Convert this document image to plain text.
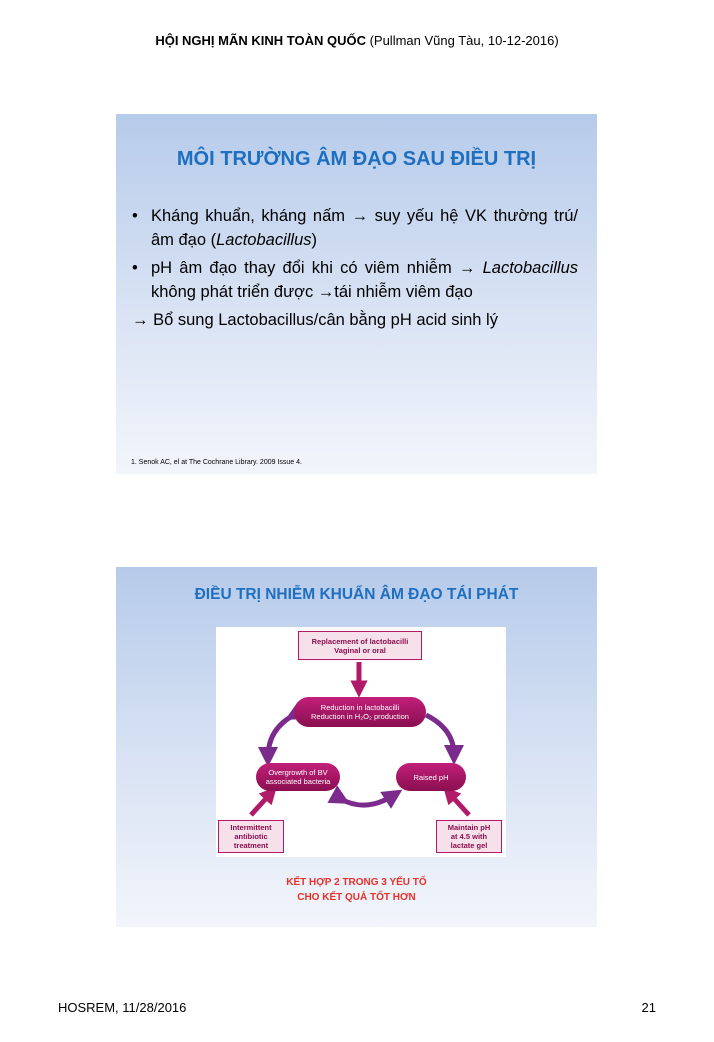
HỘI NGHỊ MÃN KINH TOÀN QUỐC (Pullman Vũng Tàu, 10-12-2016)
MÔI TRƯỜNG ÂM ĐẠO SAU ĐIỀU TRỊ
• Kháng khuẩn, kháng nấm → suy yếu hệ VK thường trú/âm đạo (Lactobacillus)
• pH âm đạo thay đổi khi có viêm nhiễm → Lactobacillus không phát triển được →tái nhiễm viêm đạo
→ Bổ sung Lactobacillus/cân bằng pH acid sinh lý
1. Senok AC, el at The Cochrane Library. 2009 Issue 4.
ĐIỀU TRỊ NHIỄM KHUẨN ÂM ĐẠO TÁI PHÁT
Replacement of lactobacilli
Vaginal or oral
Reduction in lactobacilli
Reduction in H₂O₂ production
Overgrowth of BV
associated bacteria	Raised pH
Intermittent
antibiotic
treatment
Maintain pH
at 4.5 with
lactate gel
KẾT HỢP 2 TRONG 3 YẾU TỐ
CHO KẾT QUẢ TỐT HƠN
HOSREM, 11/28/2016	21
